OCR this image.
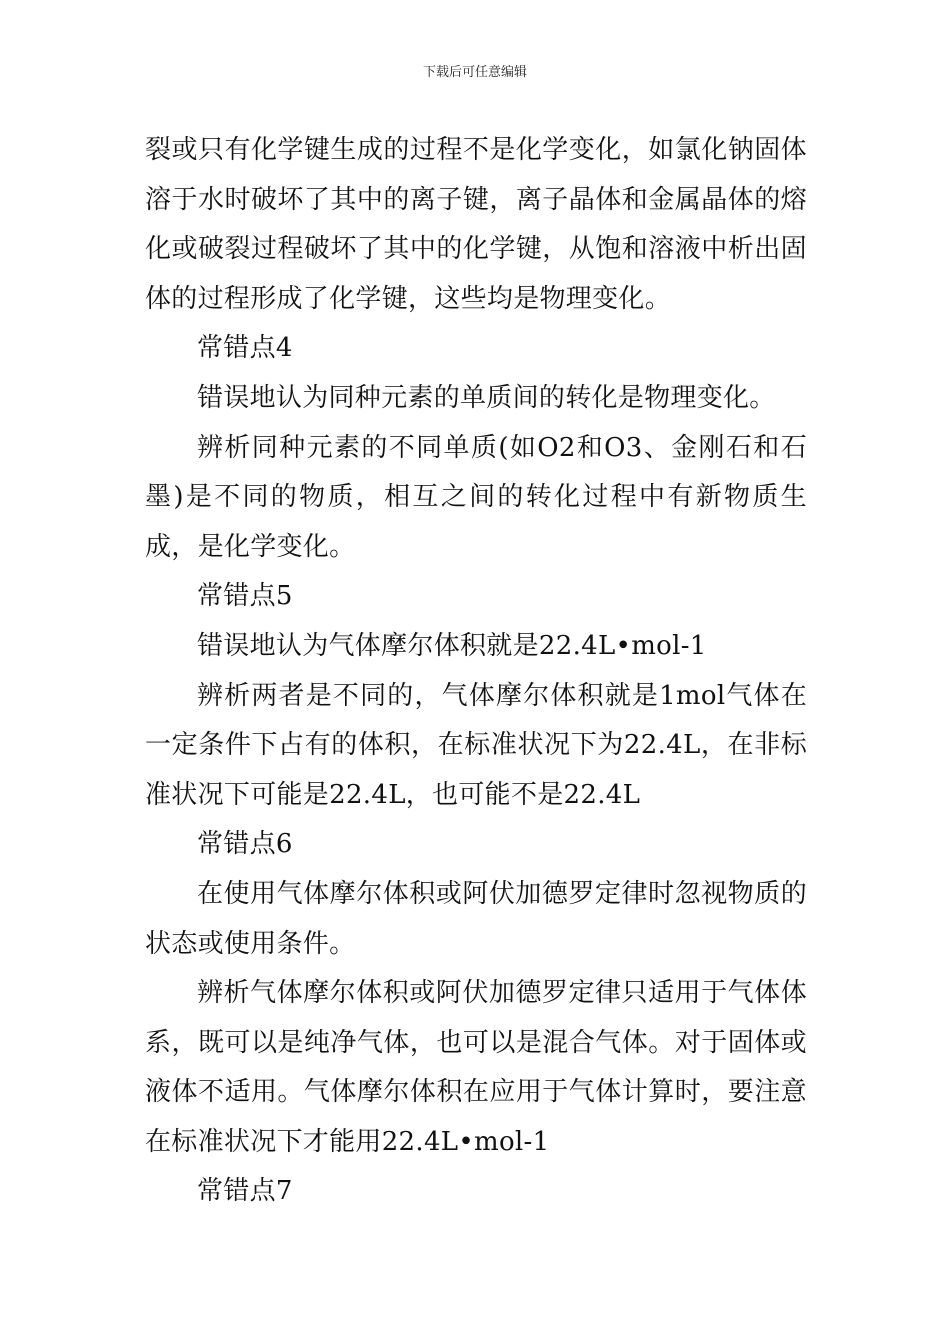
下载后可任意编辑

裂或只有化学键生成的过程不是化学变化，如氯化钠固体溶于水时破坏了其中的离子键，离子晶体和金属晶体的熔化或破裂过程破坏了其中的化学键，从饱和溶液中析出固体的过程形成了化学键，这些均是物理变化。

常错点4

错误地认为同种元素的单质间的转化是物理变化。

辨析同种元素的不同单质(如O2和O3、金刚石和石墨)是不同的物质，相互之间的转化过程中有新物质生成，是化学变化。

常错点5

错误地认为气体摩尔体积就是22.4L•mol-1

辨析两者是不同的，气体摩尔体积就是1mol气体在一定条件下占有的体积，在标准状况下为22.4L，在非标准状况下可能是22.4L，也可能不是22.4L

常错点6

在使用气体摩尔体积或阿伏加德罗定律时忽视物质的状态或使用条件。

辨析气体摩尔体积或阿伏加德罗定律只适用于气体体系，既可以是纯净气体，也可以是混合气体。对于固体或液体不适用。气体摩尔体积在应用于气体计算时，要注意在标准状况下才能用22.4L•mol-1

常错点7
